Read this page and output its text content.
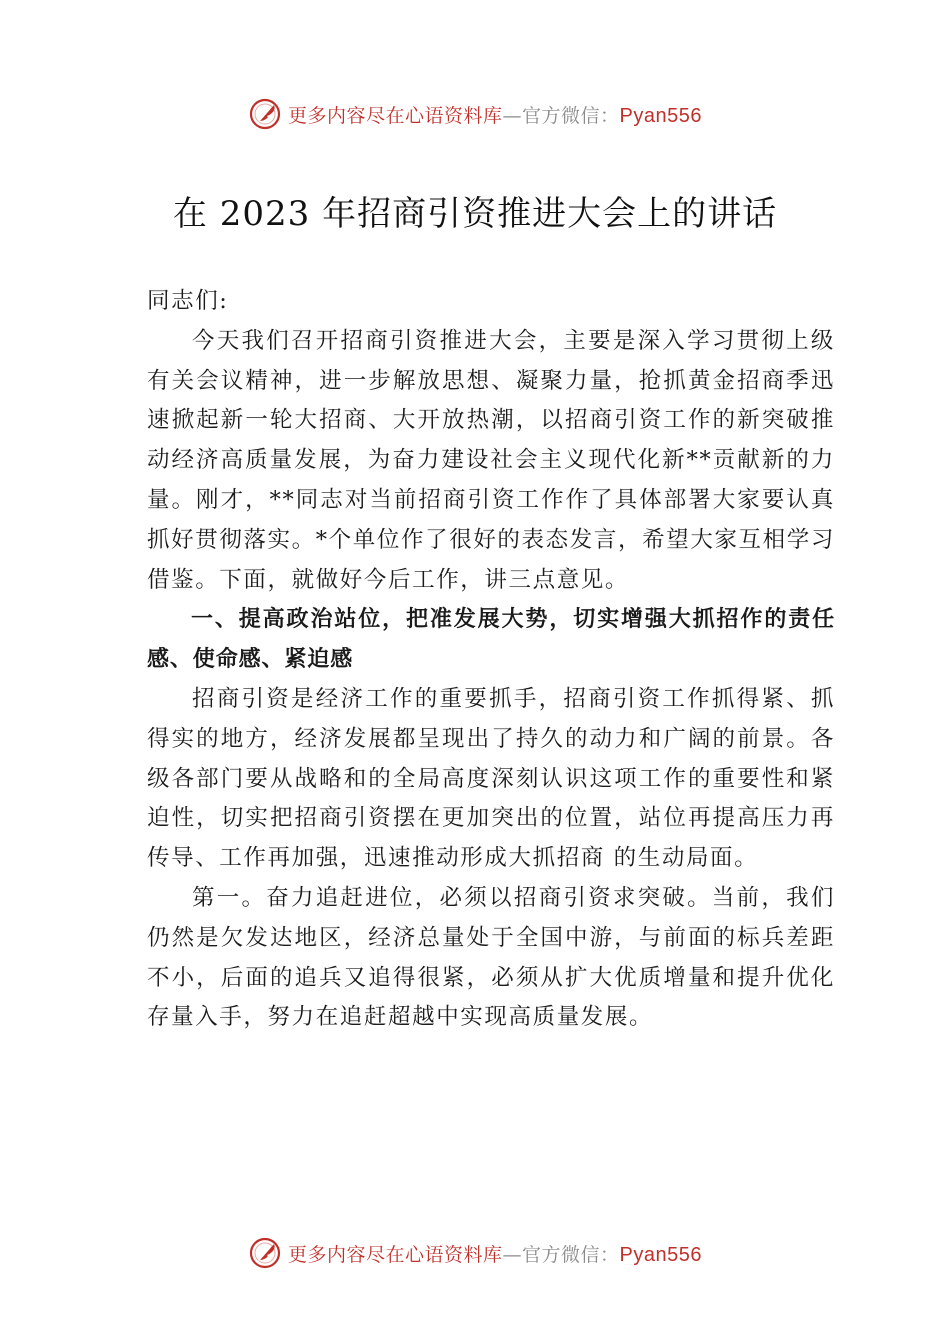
更多内容尽在心语资料库—官方微信：Pyan556
在 2023 年招商引资推进大会上的讲话

同志们:

今天我们召开招商引资推进大会，主要是深入学习贯彻上级有关会议精神，进一步解放思想、凝聚力量，抢抓黄金招商季迅速掀起新一轮大招商、大开放热潮，以招商引资工作的新突破推动经济高质量发展，为奋力建设社会主义现代化新**贡献新的力量。刚才，**同志对当前招商引资工作作了具体部署大家要认真抓好贯彻落实。*个单位作了很好的表态发言，希望大家互相学习借鉴。下面，就做好今后工作，讲三点意见。

一、提高政治站位，把准发展大势，切实增强大抓招作的责任感、使命感、紧迫感

招商引资是经济工作的重要抓手，招商引资工作抓得紧、抓得实的地方，经济发展都呈现出了持久的动力和广阔的前景。各级各部门要从战略和的全局高度深刻认识这项工作的重要性和紧迫性，切实把招商引资摆在更加突出的位置，站位再提高压力再传导、工作再加强，迅速推动形成大抓招商 的生动局面。

第一。奋力追赶进位，必须以招商引资求突破。当前，我们仍然是欠发达地区，经济总量处于全国中游，与前面的标兵差距不小，后面的追兵又追得很紧，必须从扩大优质增量和提升优化存量入手，努力在追赶超越中实现高质量发展。

更多内容尽在心语资料库—官方微信：Pyan556
